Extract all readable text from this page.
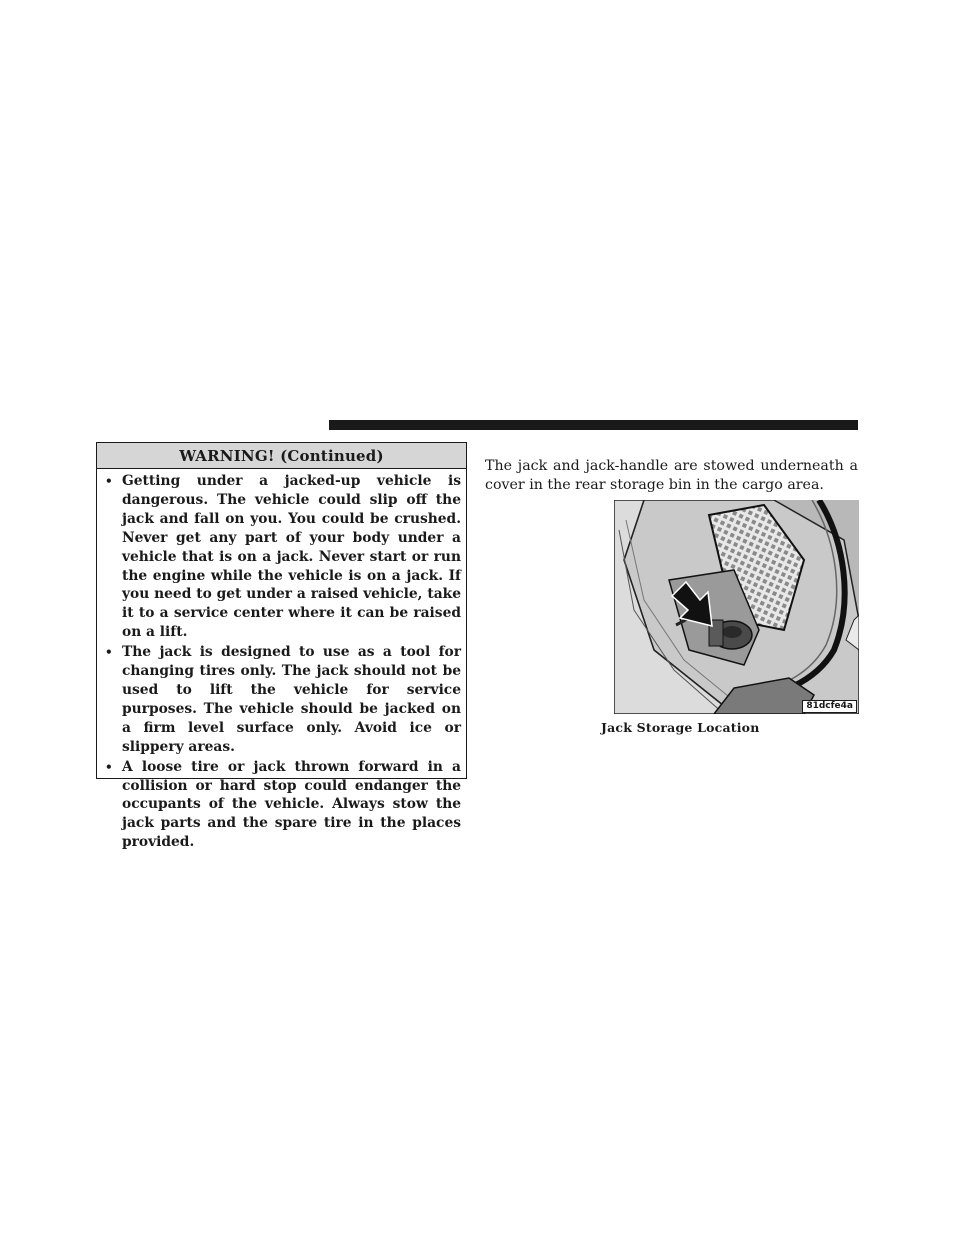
WARNING! (Continued)
• Getting under a jacked-up vehicle is dangerous. The vehicle could slip off the jack and fall on you. You could be crushed. Never get any part of your body under a vehicle that is on a jack. Never start or run the engine while the vehicle is on a jack. If you need to get under a raised vehicle, take it to a service center where it can be raised on a lift.
• The jack is designed to use as a tool for changing tires only. The jack should not be used to lift the vehicle for service purposes. The vehicle should be jacked on a firm level surface only. Avoid ice or slippery areas.
• A loose tire or jack thrown forward in a collision or hard stop could endanger the occupants of the vehicle. Always stow the jack parts and the spare tire in the places provided.

The jack and jack-handle are stowed underneath a cover in the rear storage bin in the cargo area.

81dcfe4a

Jack Storage Location
